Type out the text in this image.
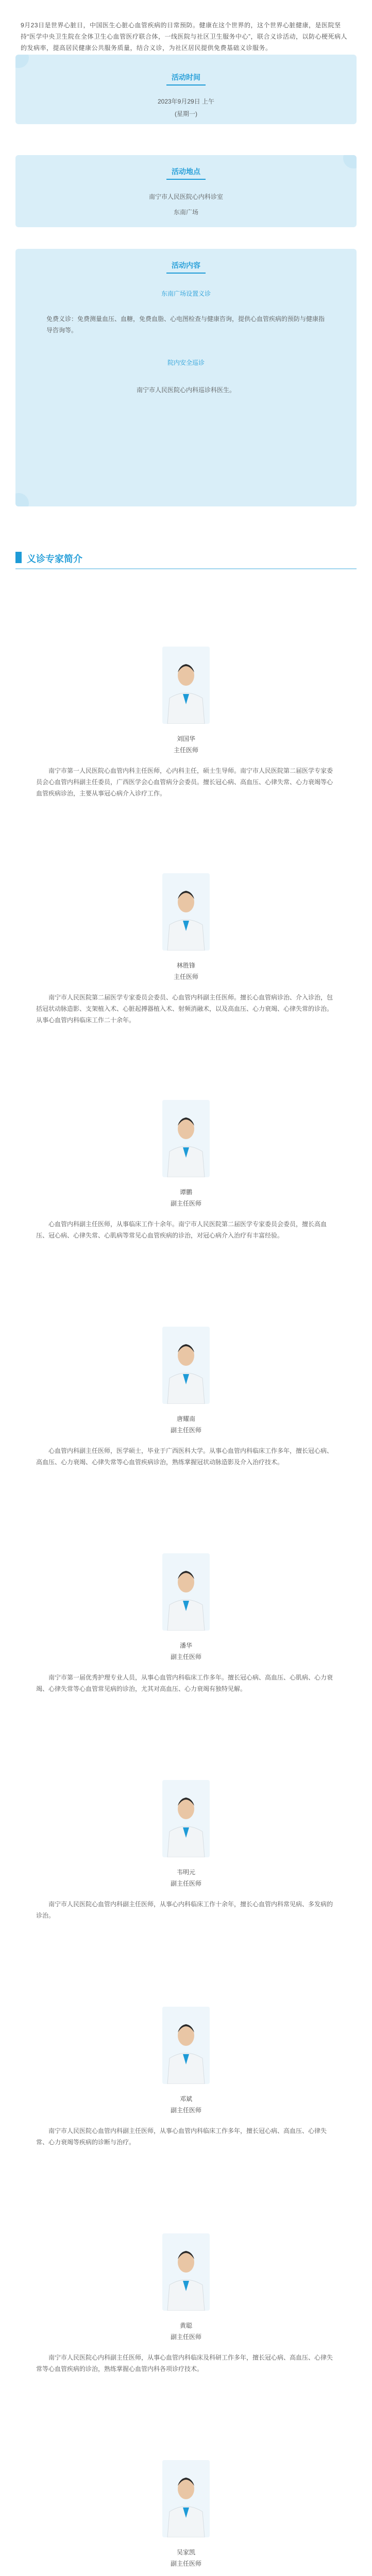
9月23日是世界心脏日，中国医生心脏心血管疾病的日常预防。健康在这个世界的，这个世界心脏健康，是医院坚持“医学中央卫生院在全体卫生心血管医疗联合体，一线医院与社区卫生服务中心”，联合义诊活动，以防心梗死病人的发病率，提高居民健康公共服务质量，结合义诊，为社区居民提供免费基础义诊服务。
活动时间
2023年9月29日 上午
(星期一)
活动地点
南宁市人民医院心内科诊室
东南广场
活动内容
东南广场设置义诊
免费义诊：免费测量血压、血糖，免费血脂、心电图检查与健康咨询，提供心血管疾病的预防与健康指导咨询等。
院内安全巡诊
南宁市人民医院心内科巡诊科医生。
义诊专家简介
刘国华
主任医师
南宁市第一人民医院心血管内科主任医师，心内科主任，硕士生导师。南宁市人民医院第二届医学专家委员会心血管内科副主任委员，广西医学会心血管病分会委员。擅长冠心病、高血压、心律失常、心力衰竭等心血管疾病诊治，主要从事冠心病介入诊疗工作。
林胜锋
主任医师
南宁市人民医院第二届医学专家委员会委员、心血管内科副主任医师。擅长心血管病诊治、介入诊治，包括冠状动脉造影、支架植入术、心脏起搏器植入术、射频消融术，以及高血压、心力衰竭、心律失常的诊治。从事心血管内科临床工作二十余年。
谭鹏
副主任医师
心血管内科副主任医师，从事临床工作十余年。南宁市人民医院第二届医学专家委员会委员，擅长高血压、冠心病、心律失常、心肌病等常见心血管疾病的诊治，对冠心病介入治疗有丰富经验。
唐耀南
副主任医师
心血管内科副主任医师，医学硕士，毕业于广西医科大学。从事心血管内科临床工作多年，擅长冠心病、高血压、心力衰竭、心律失常等心血管疾病诊治，熟练掌握冠状动脉造影及介入治疗技术。
潘华
副主任医师
南宁市第一届优秀护理专业人员，从事心血管内科临床工作多年。擅长冠心病、高血压、心肌病、心力衰竭、心律失常等心血管常见病的诊治，尤其对高血压、心力衰竭有独特见解。
韦明元
副主任医师
南宁市人民医院心血管内科副主任医师，从事心内科临床工作十余年，擅长心血管内科常见病、多发病的诊治。
邓斌
副主任医师
南宁市人民医院心血管内科副主任医师，从事心血管内科临床工作多年，擅长冠心病、高血压、心律失常、心力衰竭等疾病的诊断与治疗。
黄聪
副主任医师
南宁市人民医院心内科副主任医师，从事心血管内科临床及科研工作多年，擅长冠心病、高血压、心律失常等心血管疾病的诊治，熟练掌握心血管内科各项诊疗技术。
吴家凯
副主任医师
